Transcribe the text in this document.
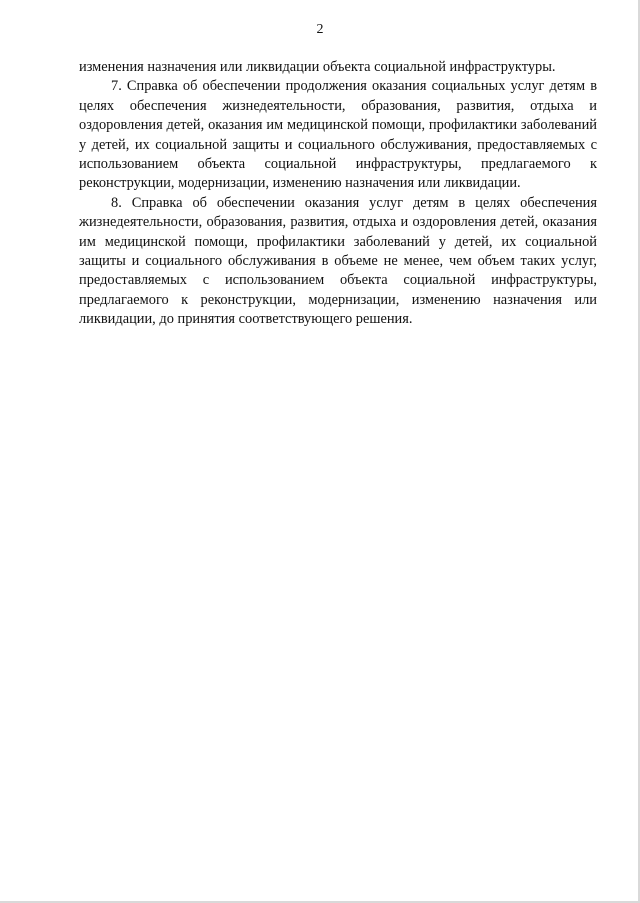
2

изменения назначения или ликвидации объекта социальной инфраструктуры.

7. Справка об обеспечении продолжения оказания социальных услуг детям в целях обеспечения жизнедеятельности, образования, развития, отдыха и оздоровления детей, оказания им медицинской помощи, профилактики заболеваний у детей, их социальной защиты и социального обслуживания, предоставляемых с использованием объекта социальной инфраструктуры, предлагаемого к реконструкции, модернизации, изменению назначения или ликвидации.

8. Справка об обеспечении оказания услуг детям в целях обеспечения жизнедеятельности, образования, развития, отдыха и оздоровления детей, оказания им медицинской помощи, профилактики заболеваний у детей, их социальной защиты и социального обслуживания в объеме не менее, чем объем таких услуг, предоставляемых с использованием объекта социальной инфраструктуры, предлагаемого к реконструкции, модернизации, изменению назначения или ликвидации, до принятия соответствующего решения.
